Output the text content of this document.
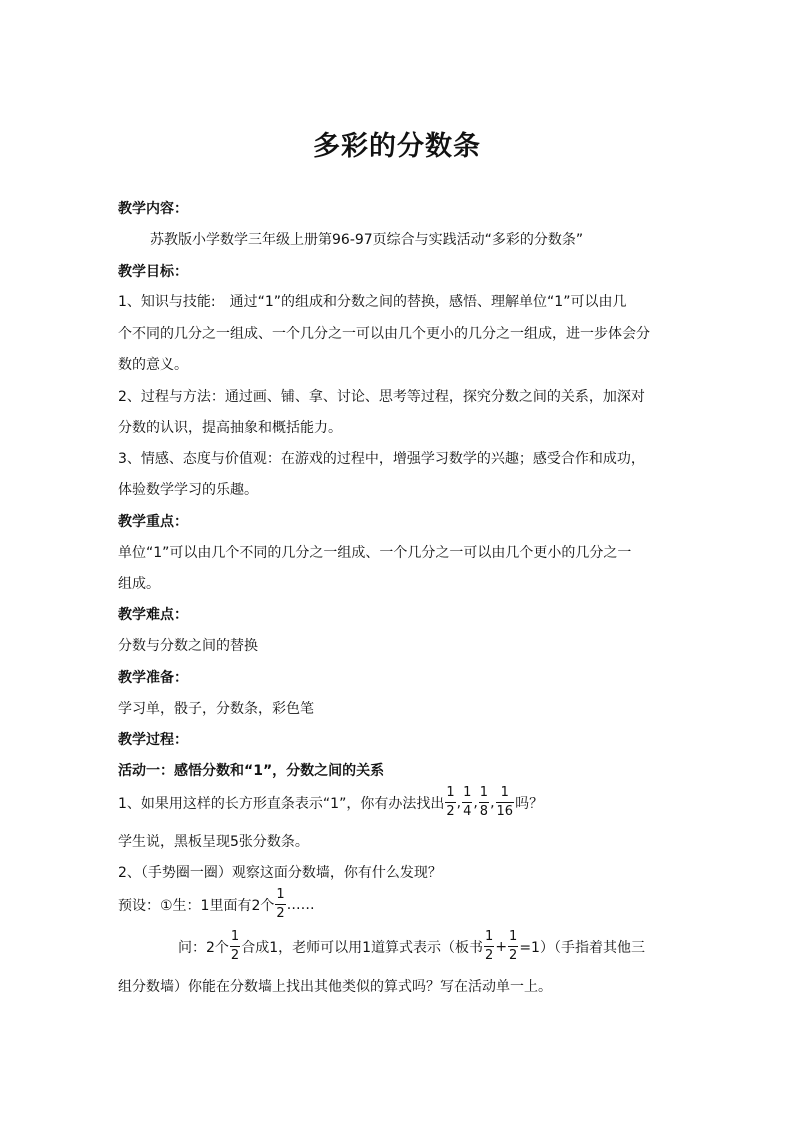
多彩的分数条
教学内容：
苏教版小学数学三年级上册第96-97页综合与实践活动“多彩的分数条”
教学目标：
1、知识与技能:　通过“1”的组成和分数之间的替换，感悟、理解单位“1”可以由几
个不同的几分之一组成、一个几分之一可以由几个更小的几分之一组成，进一步体会分
数的意义。
2、过程与方法：通过画、铺、拿、讨论、思考等过程，探究分数之间的关系，加深对
分数的认识，提高抽象和概括能力。
3、情感、态度与价值观：在游戏的过程中，增强学习数学的兴趣；感受合作和成功，
体验数学学习的乐趣。
教学重点：
单位“1”可以由几个不同的几分之一组成、一个几分之一可以由几个更小的几分之一
组成。
教学难点：
分数与分数之间的替换
教学准备：
学习单，骰子，分数条，彩色笔
教学过程：
活动一：感悟分数和“1”，分数之间的关系
1、如果用这样的长方形直条表示“1”，你有办法找出 $\frac{1}{2}$ , $\frac{1}{4}$ , $\frac{1}{8}$ , $\frac{1}{16}$ 吗？
学生说，黑板呈现5张分数条。
2、（手势圈一圈）观察这面分数墙，你有什么发现？
预设：①生：1里面有2个 $\frac{1}{2}$ ……
问：2个 $\frac{1}{2}$ 合成1，老师可以用1道算式表示（板书 $\frac{1}{2} + \frac{1}{2} =1$）（手指着其他三
组分数墙）你能在分数墙上找出其他类似的算式吗？写在活动单一上。
